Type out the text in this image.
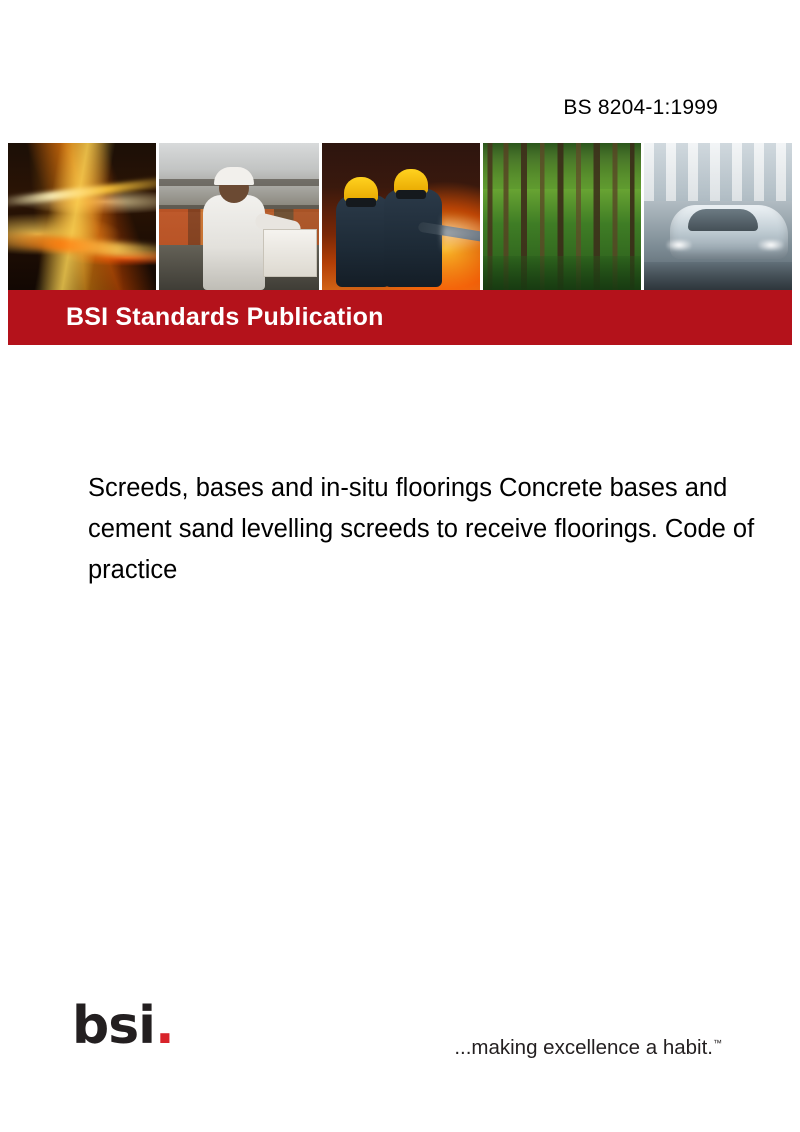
BS 8204-1:1999
BSI Standards Publication
Screeds, bases and in-situ floorings Concrete bases and cement sand levelling screeds to receive floorings. Code of practice
bsi.	...making excellence a habit.™
